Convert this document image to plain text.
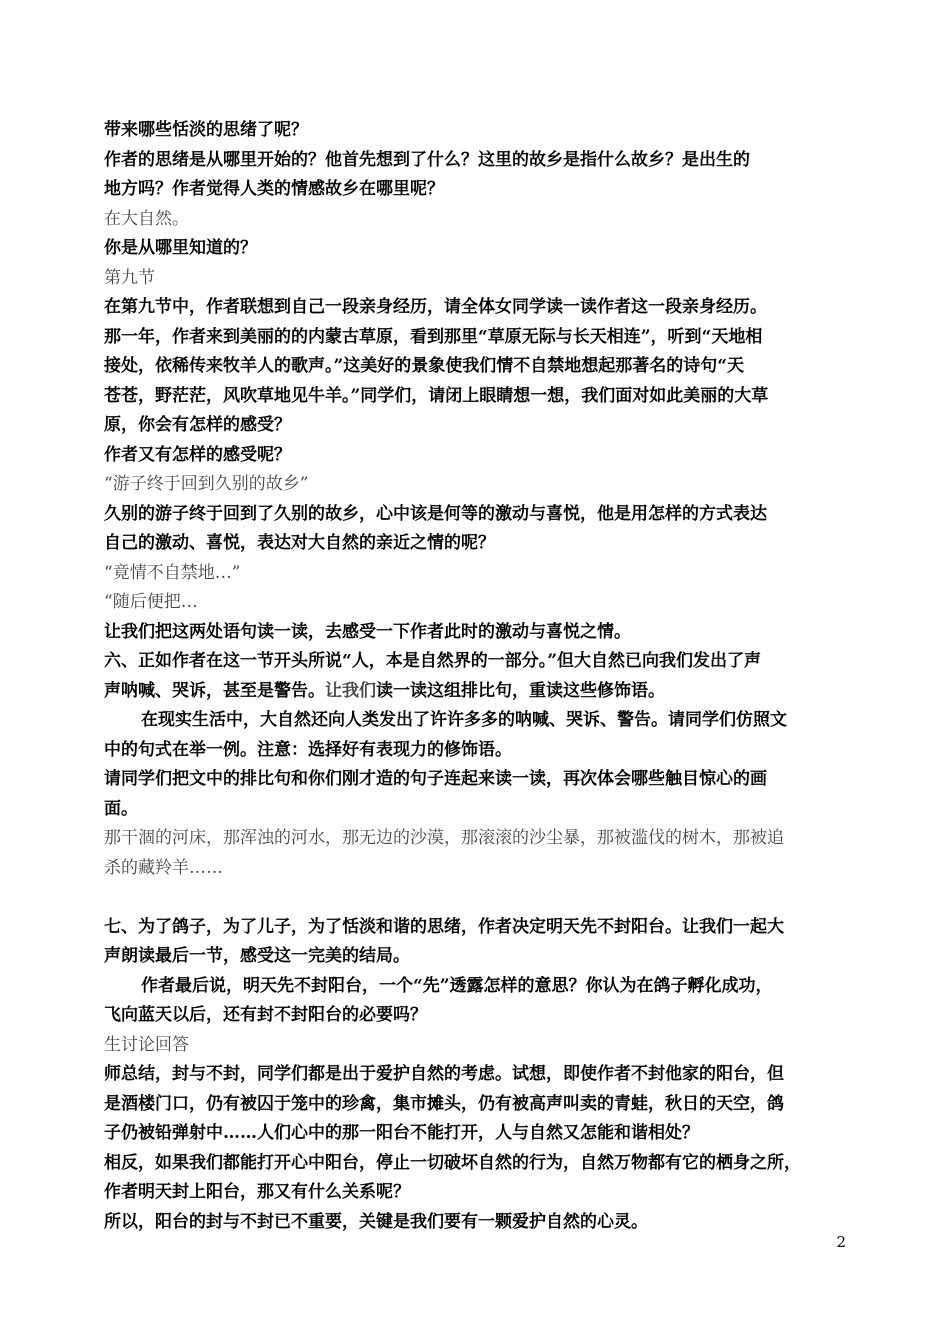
带来哪些恬淡的思绪了呢？
作者的思绪是从哪里开始的？他首先想到了什么？这里的故乡是指什么故乡？是出生的
地方吗？作者觉得人类的情感故乡在哪里呢？
在大自然。
你是从哪里知道的？
第九节
在第九节中，作者联想到自己一段亲身经历，请全体女同学读一读作者这一段亲身经历。
那一年，作者来到美丽的的内蒙古草原，看到那里“草原无际与长天相连”，听到“天地相
接处，依稀传来牧羊人的歌声。”这美好的景象使我们情不自禁地想起那著名的诗句“天
苍苍，野茫茫，风吹草地见牛羊。”同学们，请闭上眼睛想一想，我们面对如此美丽的大草
原，你会有怎样的感受？
作者又有怎样的感受呢？
“游子终于回到久别的故乡”
久别的游子终于回到了久别的故乡，心中该是何等的激动与喜悦，他是用怎样的方式表达
自己的激动、喜悦，表达对大自然的亲近之情的呢？
“竟情不自禁地…”
“随后便把…
让我们把这两处语句读一读，去感受一下作者此时的激动与喜悦之情。
六、正如作者在这一节开头所说“人，本是自然界的一部分。”但大自然已向我们发出了声
声呐喊、哭诉，甚至是警告。让我们读一读这组排比句，重读这些修饰语。
在现实生活中，大自然还向人类发出了许许多多的呐喊、哭诉、警告。请同学们仿照文
中的句式在举一例。注意：选择好有表现力的修饰语。
请同学们把文中的排比句和你们刚才造的句子连起来读一读，再次体会哪些触目惊心的画
面。
那干涸的河床，那浑浊的河水，那无边的沙漠，那滚滚的沙尘暴，那被滥伐的树木，那被追
杀的藏羚羊……
七、为了鸽子，为了儿子，为了恬淡和谐的思绪，作者决定明天先不封阳台。让我们一起大
声朗读最后一节，感受这一完美的结局。
作者最后说，明天先不封阳台，一个“先”透露怎样的意思？你认为在鸽子孵化成功，
飞向蓝天以后，还有封不封阳台的必要吗？
生讨论回答
师总结，封与不封，同学们都是出于爱护自然的考虑。试想，即使作者不封他家的阳台，但
是酒楼门口，仍有被囚于笼中的珍禽，集市摊头，仍有被高声叫卖的青蛙，秋日的天空，鸽
子仍被铅弹射中……人们心中的那一阳台不能打开，人与自然又怎能和谐相处？
相反，如果我们都能打开心中阳台，停止一切破坏自然的行为，自然万物都有它的栖身之所，
作者明天封上阳台，那又有什么关系呢？
所以，阳台的封与不封已不重要，关键是我们要有一颗爱护自然的心灵。
2
